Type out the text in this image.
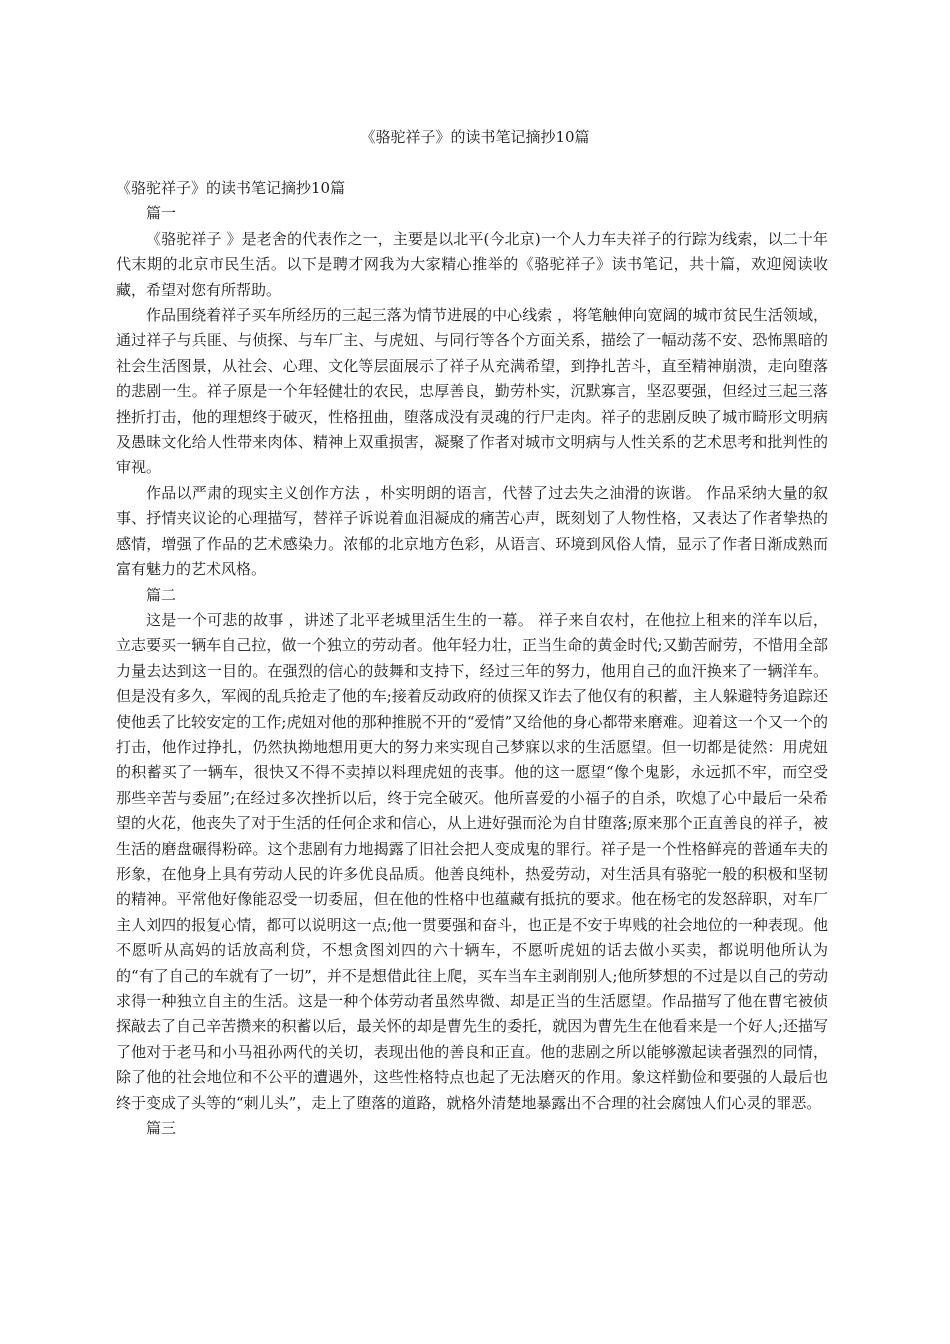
《骆驼祥子》的读书笔记摘抄10篇

《骆驼祥子》的读书笔记摘抄10篇

篇一

《骆驼祥子 》是老舍的代表作之一，主要是以北平(今北京)一个人力车夫祥子的行踪为线索，以二十年代末期的北京市民生活。以下是聘才网我为大家精心推举的《骆驼祥子》读书笔记，共十篇，欢迎阅读收藏，希望对您有所帮助。

作品围绕着祥子买车所经历的三起三落为情节进展的中心线索 ，将笔触伸向宽阔的城市贫民生活领域，通过祥子与兵匪、与侦探、与车厂主、与虎妞、与同行等各个方面关系，描绘了一幅动荡不安、恐怖黑暗的社会生活图景，从社会、心理、文化等层面展示了祥子从充满希望，到挣扎苦斗，直至精神崩溃，走向堕落的悲剧一生。祥子原是一个年轻健壮的农民，忠厚善良，勤劳朴实，沉默寡言，坚忍要强，但经过三起三落挫折打击，他的理想终于破灭，性格扭曲，堕落成没有灵魂的行尸走肉。祥子的悲剧反映了城市畸形文明病及愚昧文化给人性带来肉体、精神上双重损害，凝聚了作者对城市文明病与人性关系的艺术思考和批判性的审视。

作品以严肃的现实主义创作方法 ，朴实明朗的语言，代替了过去失之油滑的诙谐。 作品采纳大量的叙事、抒情夹议论的心理描写，替祥子诉说着血泪凝成的痛苦心声，既刻划了人物性格，又表达了作者挚热的感情，增强了作品的艺术感染力。浓郁的北京地方色彩，从语言、环境到风俗人情，显示了作者日渐成熟而富有魅力的艺术风格。

篇二

这是一个可悲的故事 ，讲述了北平老城里活生生的一幕。 祥子来自农村，在他拉上租来的洋车以后，立志要买一辆车自己拉，做一个独立的劳动者。他年轻力壮，正当生命的黄金时代;又勤苦耐劳，不惜用全部力量去达到这一目的。在强烈的信心的鼓舞和支持下，经过三年的努力，他用自己的血汗换来了一辆洋车。但是没有多久，军阀的乱兵抢走了他的车;接着反动政府的侦探又诈去了他仅有的积蓄，主人躲避特务追踪还使他丢了比较安定的工作;虎妞对他的那种推脱不开的“爱情”又给他的身心都带来磨难。迎着这一个又一个的打击，他作过挣扎，仍然执拗地想用更大的努力来实现自己梦寐以求的生活愿望。但一切都是徒然：用虎妞的积蓄买了一辆车，很快又不得不卖掉以料理虎妞的丧事。他的这一愿望“像个鬼影，永远抓不牢，而空受那些辛苦与委屈”;在经过多次挫折以后，终于完全破灭。他所喜爱的小福子的自杀，吹熄了心中最后一朵希望的火花，他丧失了对于生活的任何企求和信心，从上进好强而沦为自甘堕落;原来那个正直善良的祥子，被生活的磨盘碾得粉碎。这个悲剧有力地揭露了旧社会把人变成鬼的罪行。祥子是一个性格鲜亮的普通车夫的形象，在他身上具有劳动人民的许多优良品质。他善良纯朴，热爱劳动，对生活具有骆驼一般的积极和坚韧的精神。平常他好像能忍受一切委屈，但在他的性格中也蕴藏有抵抗的要求。他在杨宅的发怒辞职，对车厂主人刘四的报复心情，都可以说明这一点;他一贯要强和奋斗，也正是不安于卑贱的社会地位的一种表现。他不愿听从高妈的话放高利贷，不想贪图刘四的六十辆车，不愿听虎妞的话去做小买卖，都说明他所认为的“有了自己的车就有了一切”，并不是想借此往上爬，买车当车主剥削别人;他所梦想的不过是以自己的劳动求得一种独立自主的生活。这是一种个体劳动者虽然卑微、却是正当的生活愿望。作品描写了他在曹宅被侦探敲去了自己辛苦攒来的积蓄以后，最关怀的却是曹先生的委托，就因为曹先生在他看来是一个好人;还描写了他对于老马和小马祖孙两代的关切，表现出他的善良和正直。他的悲剧之所以能够激起读者强烈的同情，除了他的社会地位和不公平的遭遇外，这些性格特点也起了无法磨灭的作用。象这样勤俭和要强的人最后也终于变成了头等的“刺儿头”，走上了堕落的道路，就格外清楚地暴露出不合理的社会腐蚀人们心灵的罪恶。

篇三
